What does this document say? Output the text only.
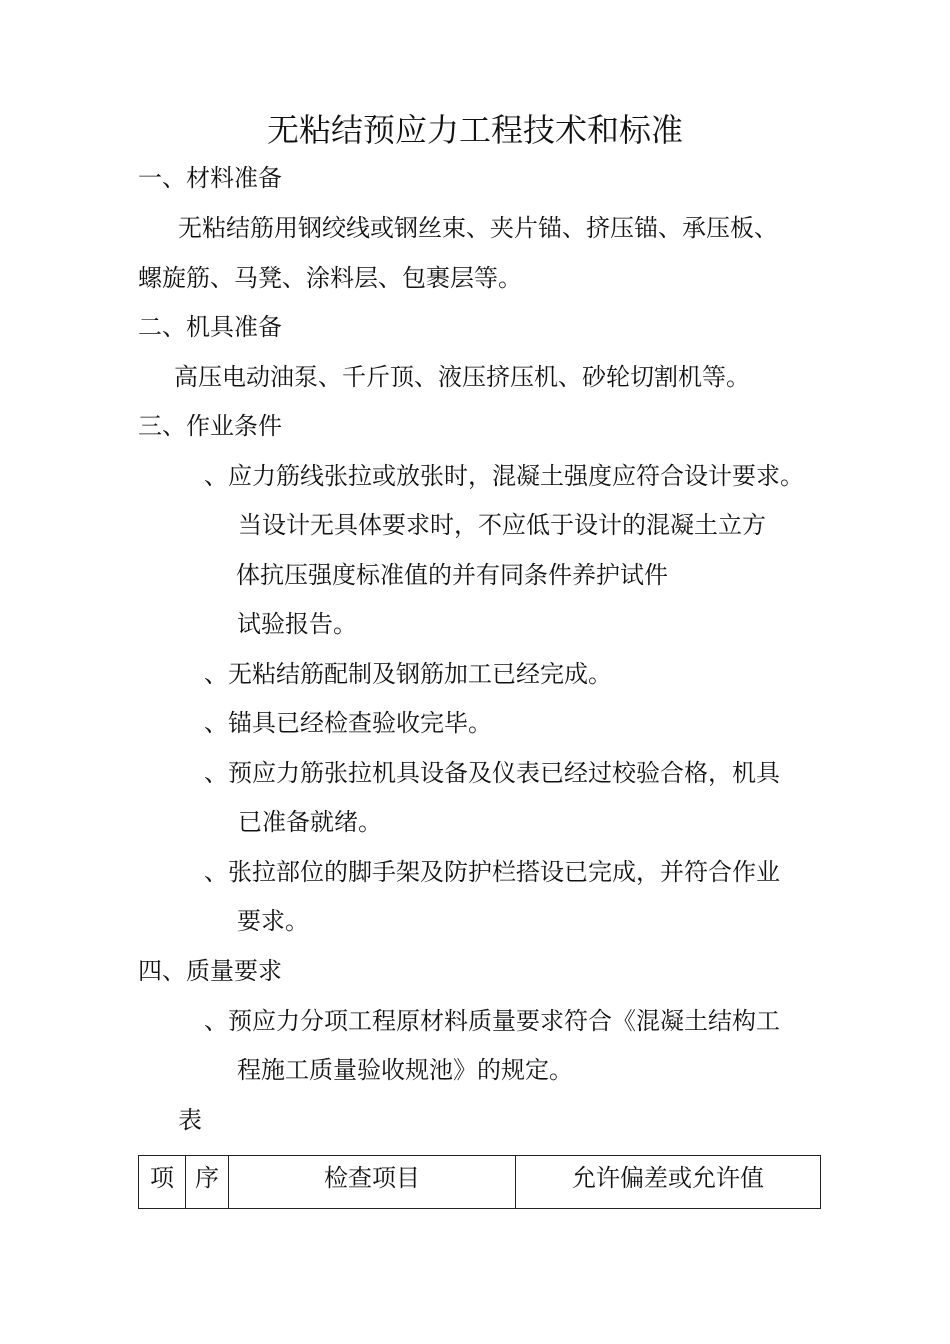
无粘结预应力工程技术和标准
一、材料准备
无粘结筋用钢绞线或钢丝束、夹片锚、挤压锚、承压板、
螺旋筋、马凳、涂料层、包裹层等。
二、机具准备
高压电动油泵、千斤顶、液压挤压机、砂轮切割机等。
三、作业条件
、应力筋线张拉或放张时，混凝土强度应符合设计要求。
当设计无具体要求时，不应低于设计的混凝土立方
体抗压强度标准值的并有同条件养护试件
试验报告。
、无粘结筋配制及钢筋加工已经完成。
、锚具已经检查验收完毕。
、预应力筋张拉机具设备及仪表已经过校验合格，机具
已准备就绪。
、张拉部位的脚手架及防护栏搭设已完成，并符合作业
要求。
四、质量要求
、预应力分项工程原材料质量要求符合《混凝土结构工
程施工质量验收规池》的规定。
表
项	序	检查项目	允许偏差或允许值
